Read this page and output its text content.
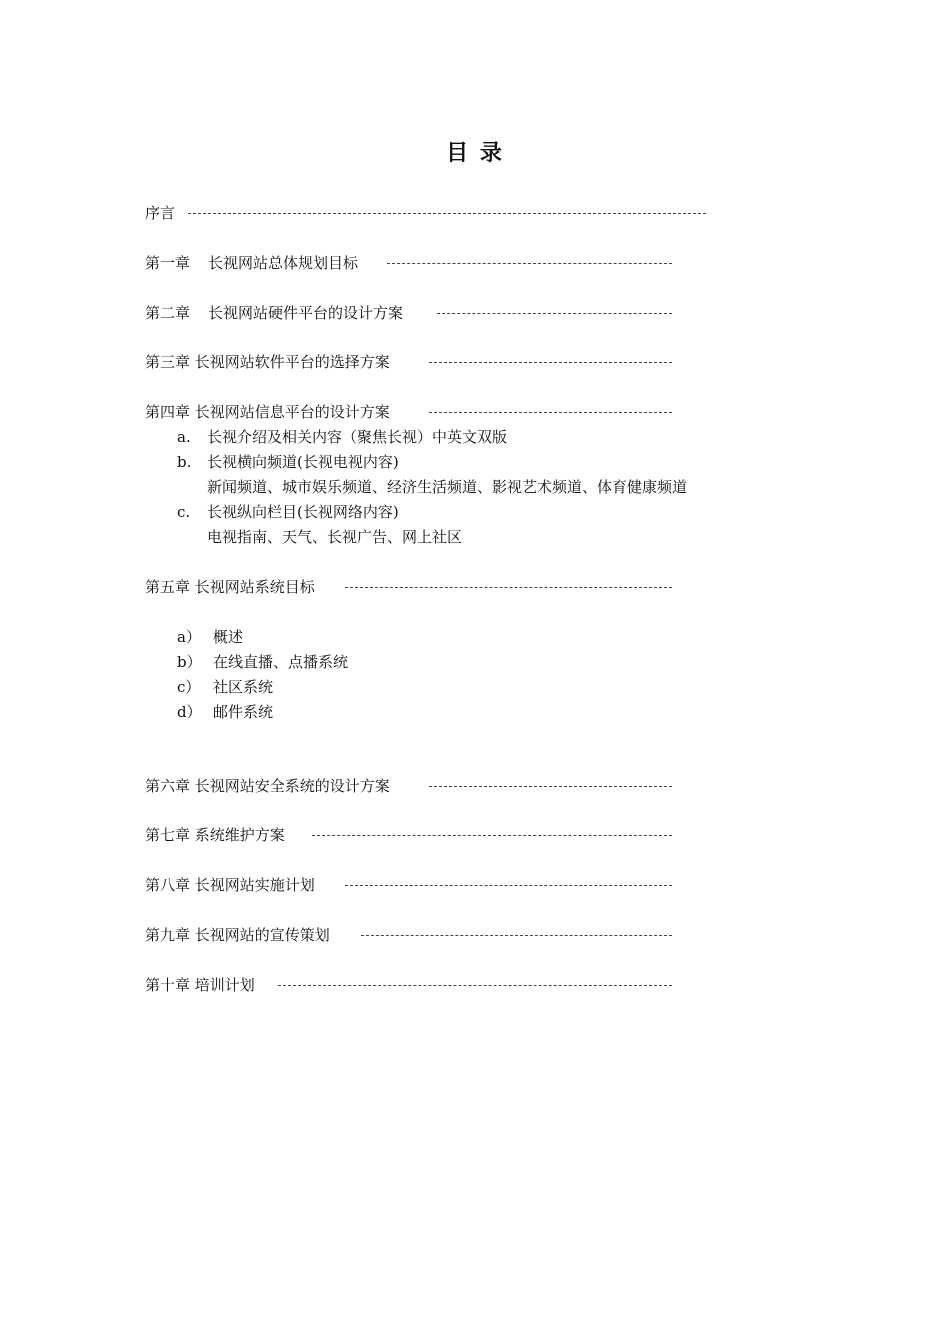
目 录
序言
第一章 长视网站总体规划目标
第二章 长视网站硬件平台的设计方案
第三章 长视网站软件平台的选择方案
第四章 长视网站信息平台的设计方案
a. 长视介绍及相关内容（聚焦长视）中英文双版
b. 长视横向频道(长视电视内容)
新闻频道、城市娱乐频道、经济生活频道、影视艺术频道、体育健康频道
c. 长视纵向栏目(长视网络内容)
电视指南、天气、长视广告、网上社区
第五章 长视网站系统目标
a） 概述
b） 在线直播、点播系统
c） 社区系统
d） 邮件系统
第六章 长视网站安全系统的设计方案
第七章 系统维护方案
第八章 长视网站实施计划
第九章 长视网站的宣传策划
第十章 培训计划
